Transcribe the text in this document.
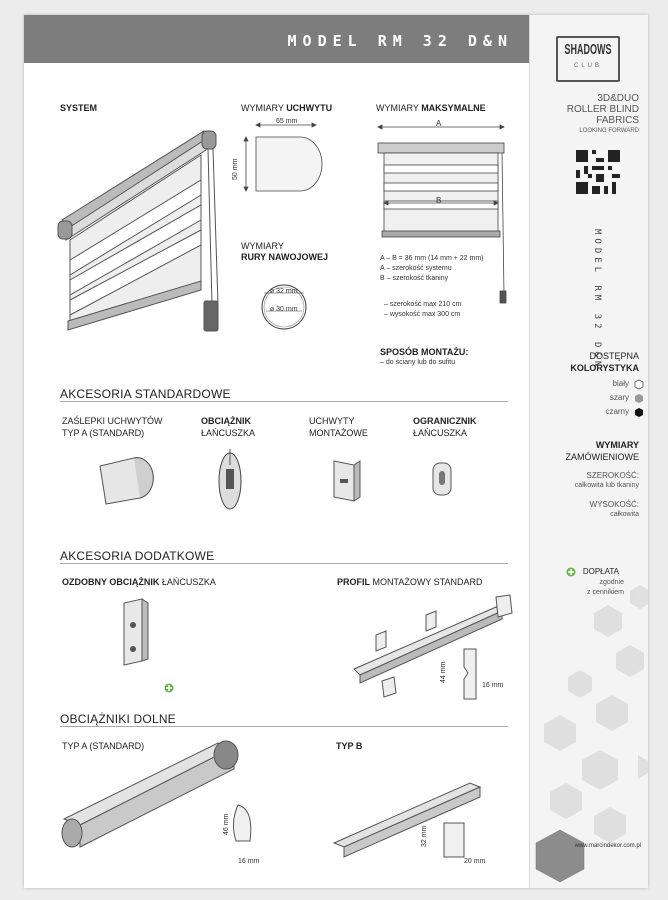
MODEL RM 32 D&N	SHADOWS
CLUB
3D&DUO
ROLLER BLIND
FABRICS
LOOKING FORWARD
MODEL RM 32 D&N
DOSTĘPNA
KOLORYSTYKA
biały
szary
czarny
WYMIARY
ZAMÓWIENIOWE
SZEROKOŚĆ:
całkowita lub tkaniny
WYSOKOŚĆ:
całkowita
DOPŁATA
zgodnie
z cennikiem
www.marcindekor.com.pl
SYSTEM	WYMIARY UCHWYTU
65 mm
50 mm
WYMIARY
RURY NAWOJOWEJ
⌀ 32 mm
⌀ 30 mm
WYMIARY MAKSYMALNE
A
B
A – B = 36 mm (14 mm + 22 mm)
A – szerokość systemu
B – szerokość tkaniny
– szerokość max 210 cm
– wysokość max 300 cm
SPOSÓB MONTAŻU:
– do ściany lub do sufitu
AKCESORIA STANDARDOWE
ZAŚLEPKI UCHWYTÓW
TYP A (STANDARD)
OBCIĄŻNIK
ŁAŃCUSZKA
UCHWYTY
MONTAŻOWE
OGRANICZNIK
ŁAŃCUSZKA
AKCESORIA DODATKOWE
OZDOBNY OBCIĄŻNIK ŁAŃCUSZKA	PROFIL MONTAŻOWY STANDARD
44 mm
16 mm
OBCIĄŻNIKI DOLNE
TYP A (STANDARD)	TYP B
46 mm
16 mm
32 mm
20 mm
